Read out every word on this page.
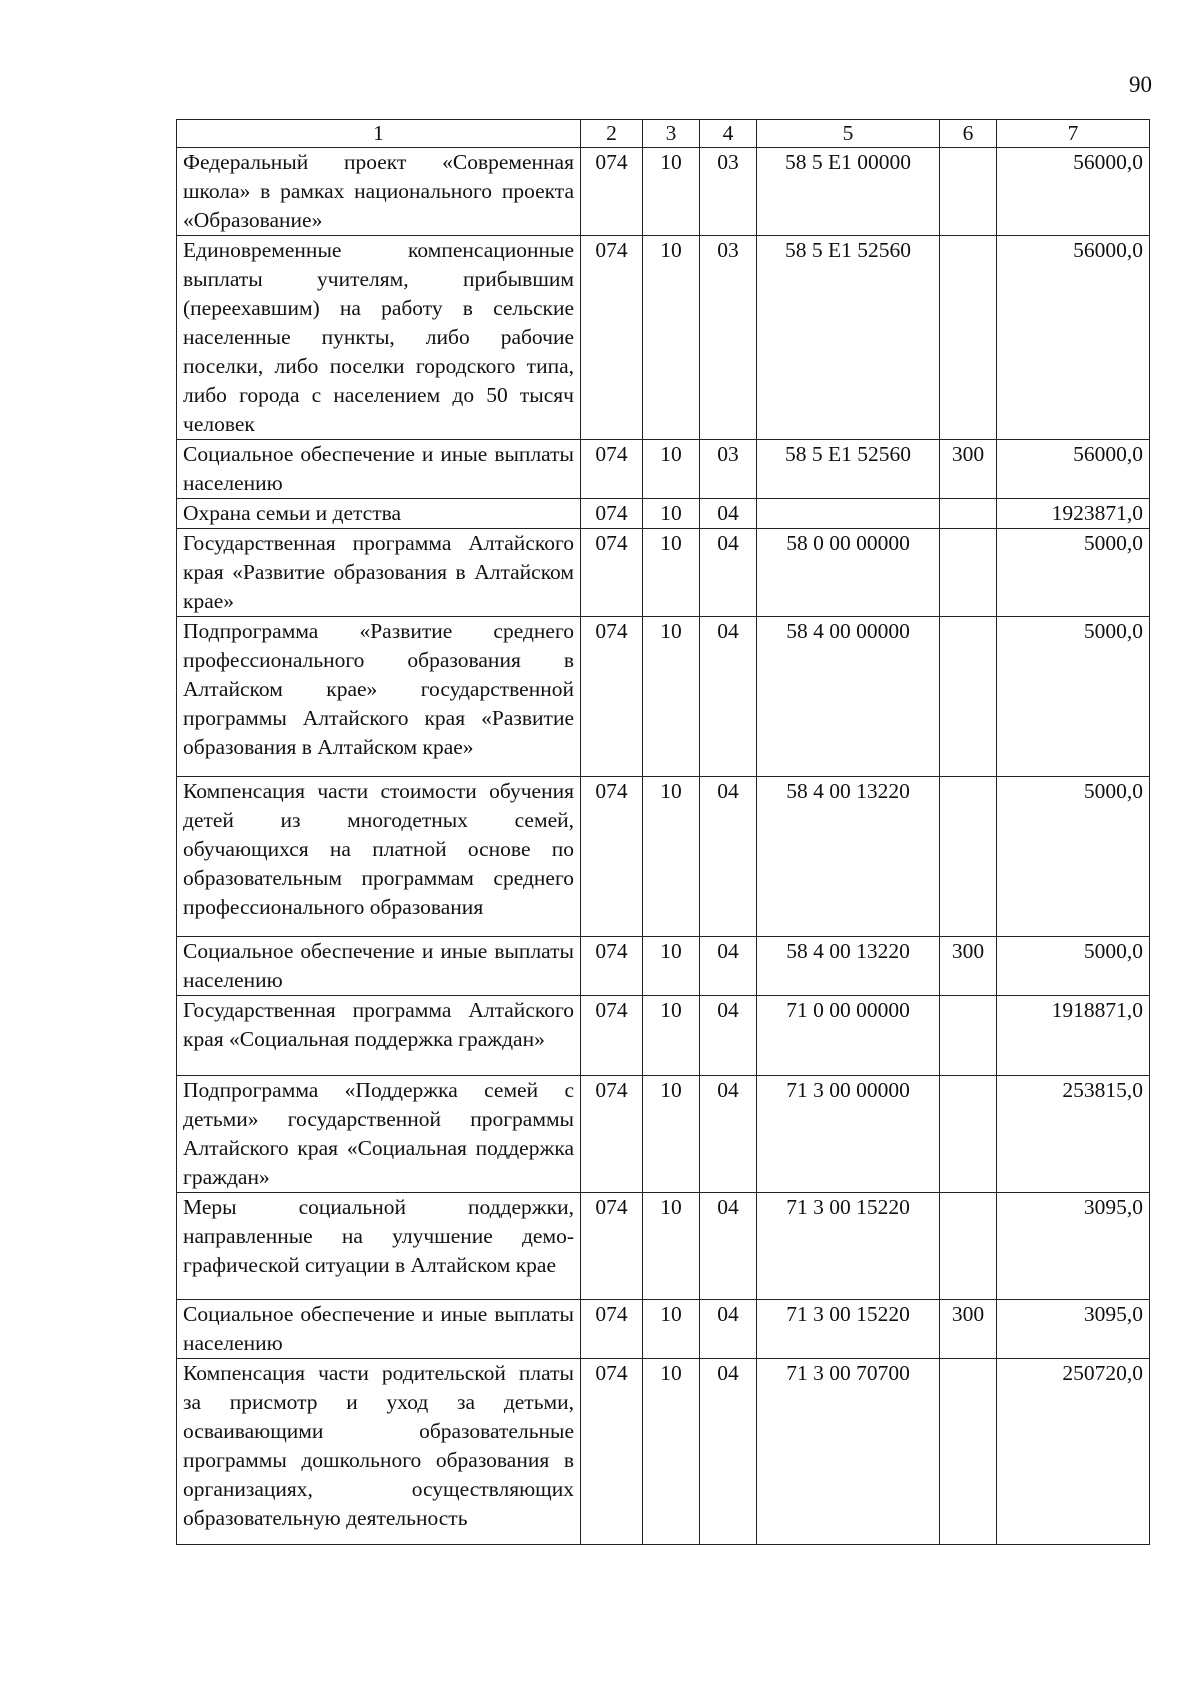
90
1	2	3	4	5	6	7
Федеральный проект «Современная школа» в рамках национального проекта «Образование»	074	10	03	58 5 E1 00000		56000,0
Единовременные компенсационные выплаты учителям, прибывшим (переехавшим) на работу в сельские населенные пункты, либо рабочие поселки, либо поселки городского типа, либо города с населением до 50 тысяч человек	074	10	03	58 5 E1 52560		56000,0
Социальное обеспечение и иные выплаты населению	074	10	03	58 5 E1 52560	300	56000,0
Охрана семьи и детства	074	10	04			1923871,0
Государственная программа Алтайского края «Развитие образования в Алтайском крае»	074	10	04	58 0 00 00000		5000,0
Подпрограмма «Развитие среднего профессионального образования в Алтайском крае» государственной программы Алтайского края «Развитие образования в Алтайском крае»	074	10	04	58 4 00 00000		5000,0
Компенсация части стоимости обучения детей из многодетных семей, обучающихся на платной основе по образовательным программам среднего профессионального образования	074	10	04	58 4 00 13220		5000,0
Социальное обеспечение и иные выплаты населению	074	10	04	58 4 00 13220	300	5000,0
Государственная программа Алтайского края «Социальная поддержка граждан»	074	10	04	71 0 00 00000		1918871,0
Подпрограмма «Поддержка семей с детьми» государственной программы Алтайского края «Социальная поддержка граждан»	074	10	04	71 3 00 00000		253815,0
Меры социальной поддержки, направленные на улучшение демографической ситуации в Алтайском крае	074	10	04	71 3 00 15220		3095,0
Социальное обеспечение и иные выплаты населению	074	10	04	71 3 00 15220	300	3095,0
Компенсация части родительской платы за присмотр и уход за детьми, осваивающими образовательные программы дошкольного образования в организациях, осуществляющих образовательную деятельность	074	10	04	71 3 00 70700		250720,0
